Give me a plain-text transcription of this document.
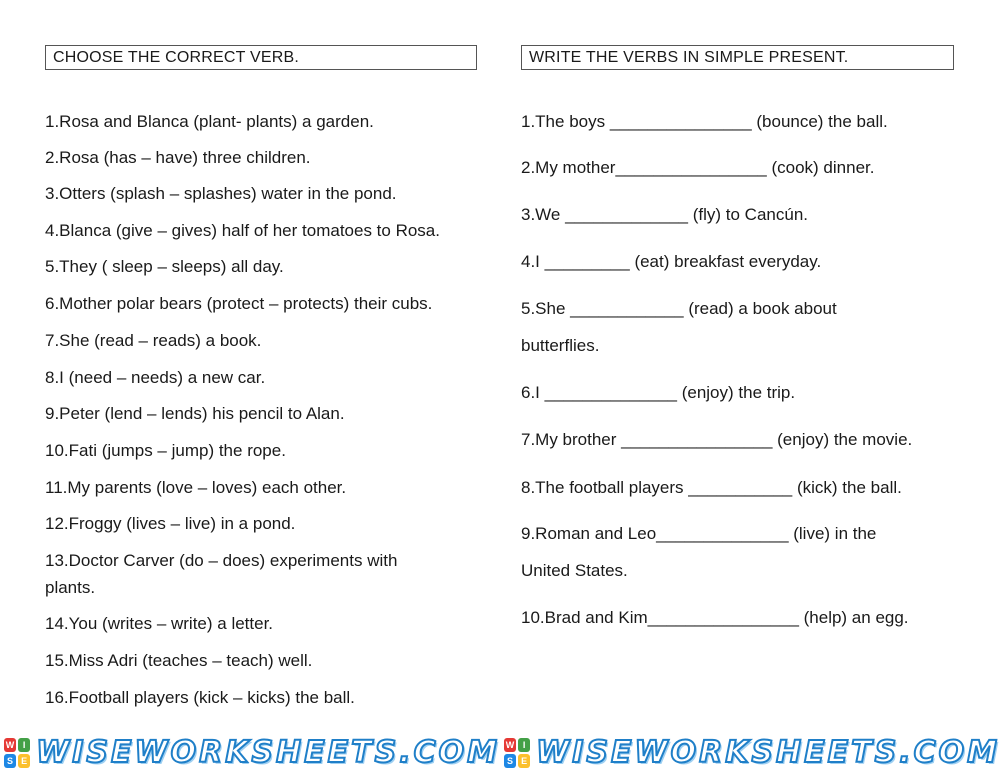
CHOOSE THE CORRECT VERB.
1.Rosa and Blanca (plant- plants) a garden.
2.Rosa (has – have) three children.
3.Otters (splash – splashes) water in the pond.
4.Blanca (give – gives) half of her tomatoes to Rosa.
5.They ( sleep – sleeps) all day.
6.Mother polar bears (protect – protects) their cubs.
7.She (read – reads) a book.
8.I (need – needs) a new car.
9.Peter (lend – lends) his pencil to Alan.
10.Fati (jumps – jump) the rope.
11.My parents (love – loves) each other.
12.Froggy (lives – live) in a pond.
13.Doctor Carver (do – does) experiments with plants.
14.You (writes – write) a letter.
15.Miss Adri (teaches – teach) well.
16.Football players (kick – kicks) the ball.
WRITE THE VERBS IN SIMPLE PRESENT.
1.The boys _______________ (bounce) the ball.
2.My mother________________ (cook) dinner.
3.We _____________ (fly) to Cancún.
4.I _________ (eat) breakfast everyday.
5.She ____________ (read) a book about
butterflies.
6.I ______________ (enjoy) the trip.
7.My brother ________________ (enjoy) the movie.
8.The football players ___________ (kick) the ball.
9.Roman and Leo______________ (live) in the
United States.
10.Brad and Kim________________ (help) an egg.
W I
S E WISEWORKSHEETS.COM W I
S E WISEWORKSHEETS.COM
